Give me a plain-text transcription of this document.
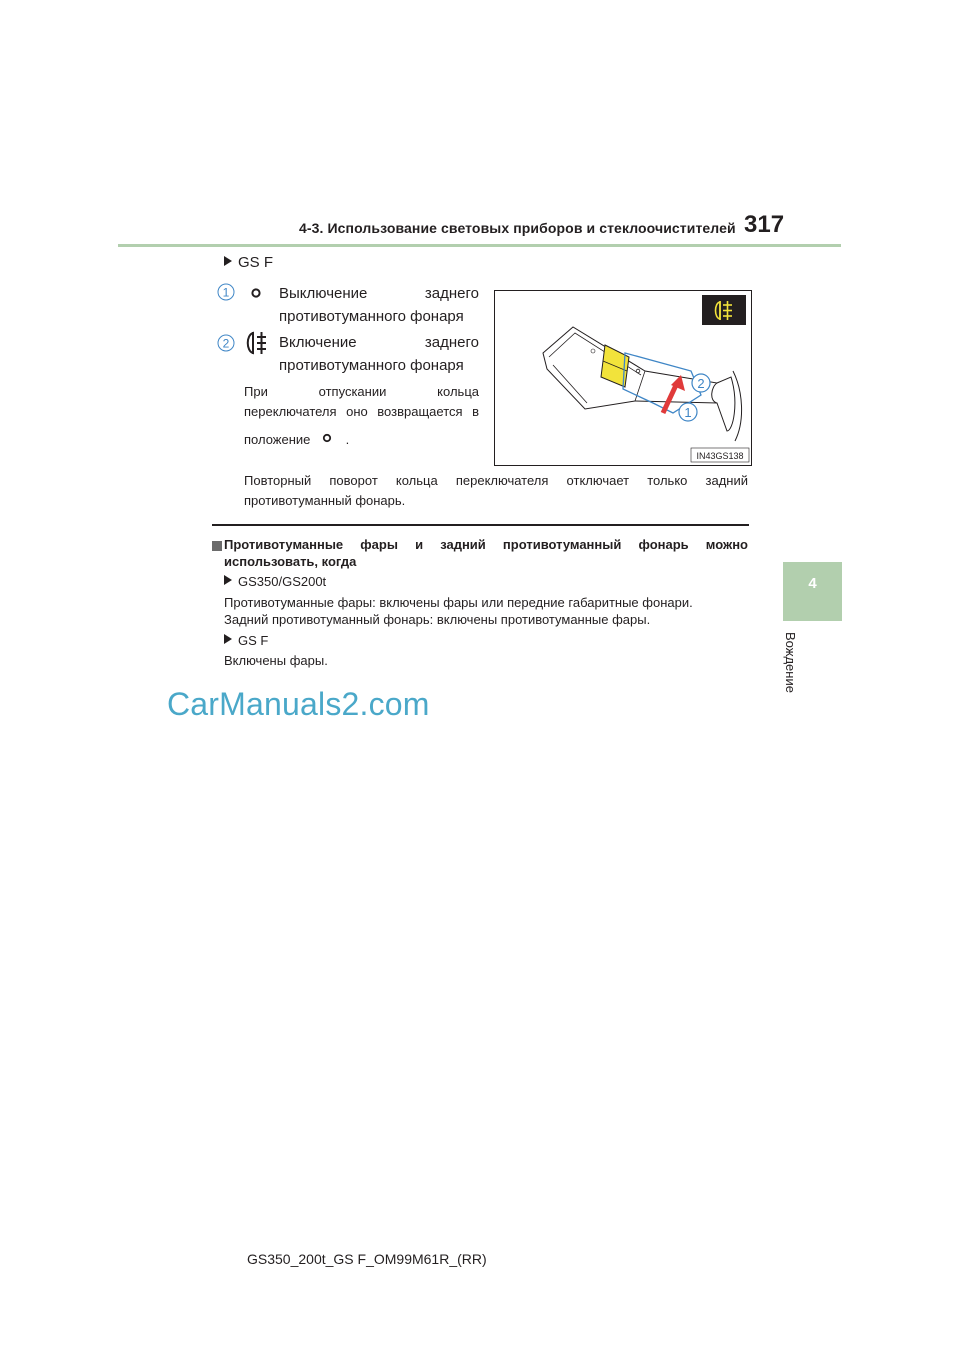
4-3. Использование световых приборов и стеклоочистителей 317
4
Вождение
GS F
1	Выключение заднего
противотуманного фонаря
2	Включение заднего
противотуманного фонаря
При отпускании кольца
переключателя оно возвращается в
положение	.
Повторный поворот кольца переключателя отключает только задний
противотуманный фонарь.
2
1
IN43GS138
Противотуманные фары и задний противотуманный фонарь можно
использовать, когда
GS350/GS200t
Противотуманные фары: включены фары или передние габаритные фонари.
Задний противотуманный фонарь: включены противотуманные фары.
GS F
Включены фары.
CarManuals2.com
GS350_200t_GS F_OM99M61R_(RR)
